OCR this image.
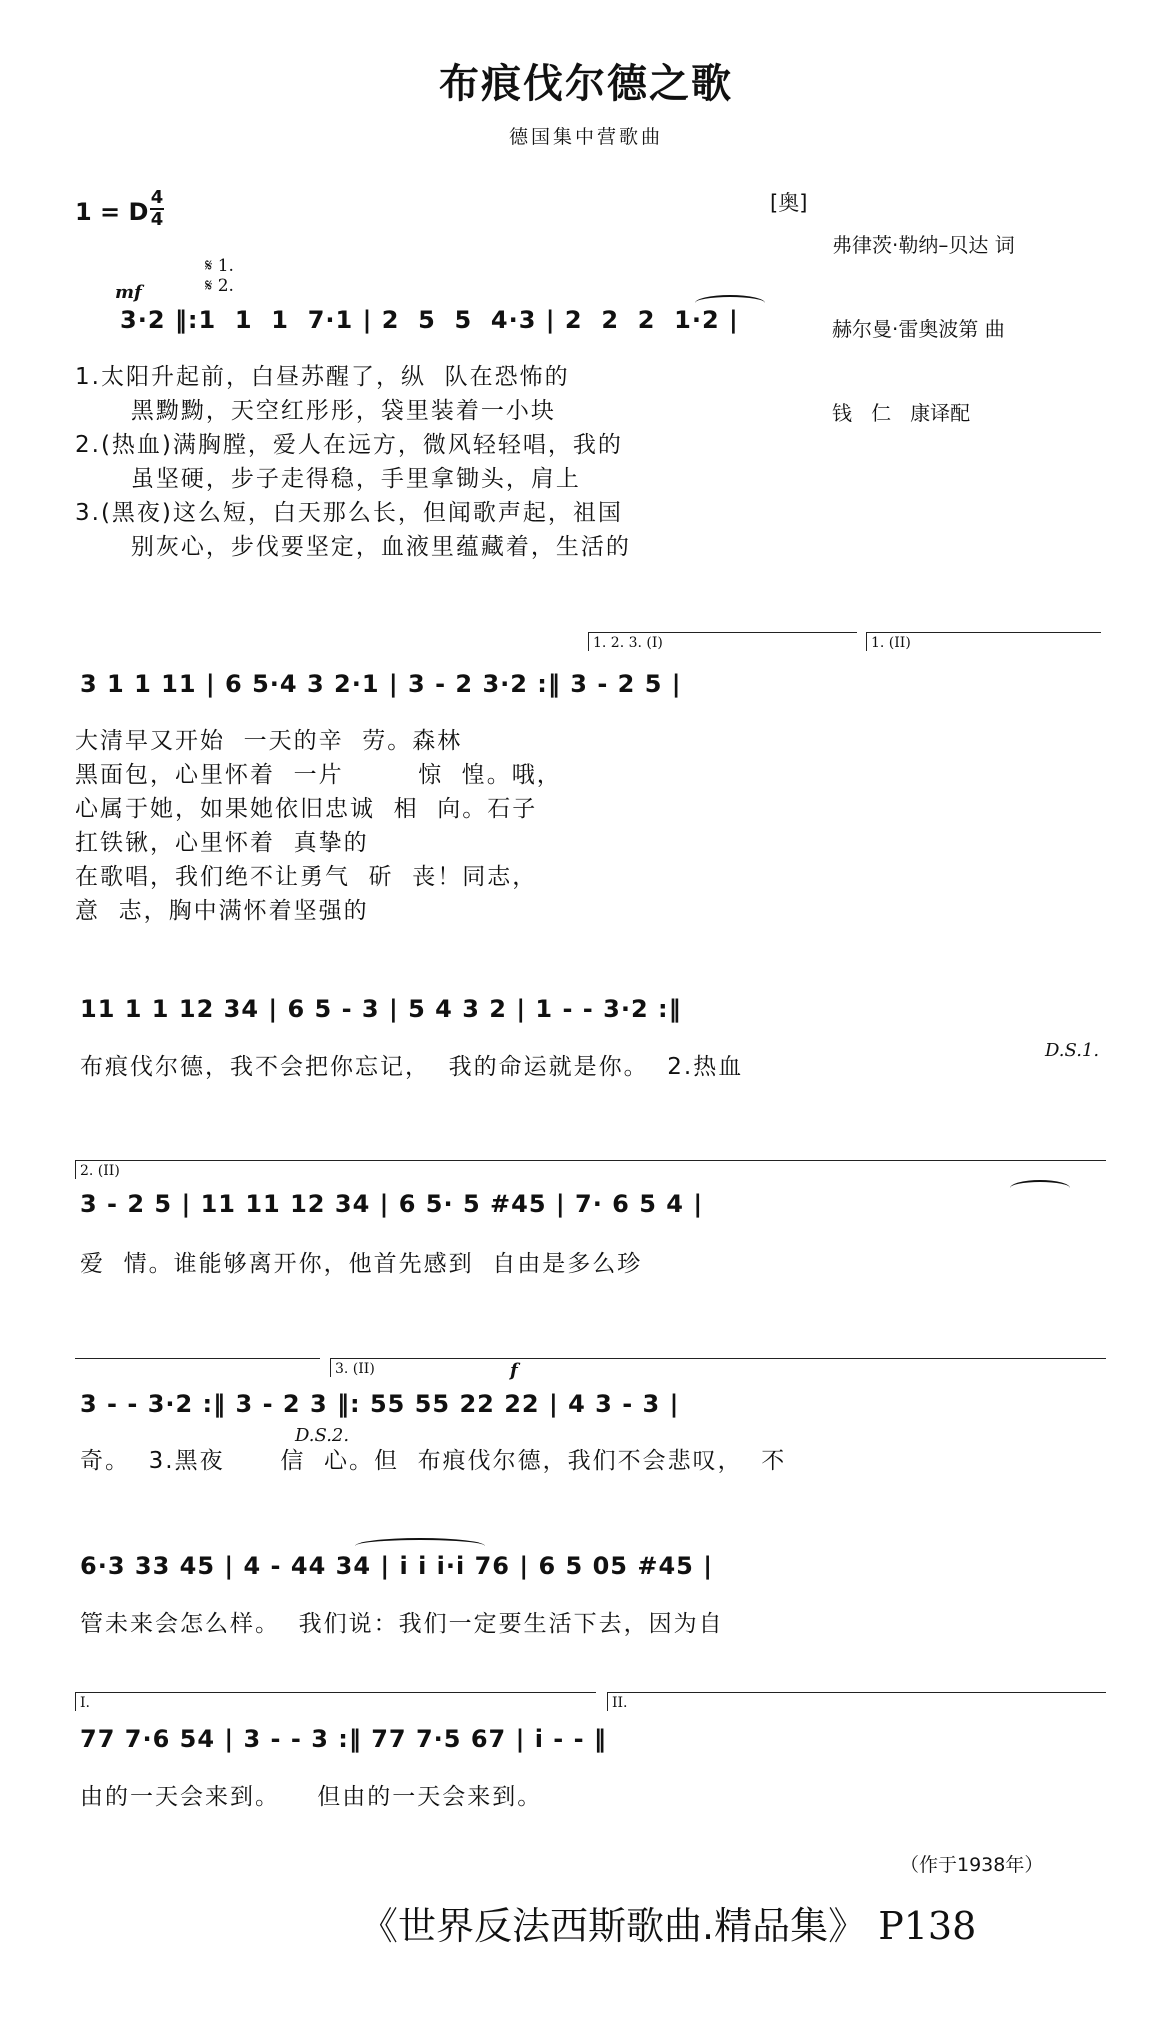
布痕伐尔德之歌
德国集中营歌曲
1 = D
4
4
[奥]

弗律茨·勒纳–贝达 词

赫尔曼·雷奥波第 曲

钱   仁   康译配

𝄋 1.
𝄋 2.
mf
3·2 ‖:1  1  1  7·1 | 2  5  5  4·3 | 2  2  2  1·2 |
1.太阳升起前，白昼苏醒了，纵  队在恐怖的
黑黝黝，天空红彤彤，袋里装着一小块
2.(热血)满胸膛，爱人在远方，微风轻轻唱，我的
虽坚硬，步子走得稳，手里拿锄头，肩上
3.(黑夜)这么短，白天那么长，但闻歌声起，祖国
别灰心，步伐要坚定，血液里蕴藏着，生活的
1. 2. 3. (I)	1. (II)
3 1 1 11 | 6 5·4 3 2·1 | 3 - 2 3·2 :‖ 3 - 2 5 |
大清早又开始  一天的辛  劳。森林
黑面包，心里怀着  一片        惊  惶。哦，
心属于她，如果她依旧忠诚  相  向。石子
扛铁锹，心里怀着  真挚的
在歌唱，我们绝不让勇气  斫  丧！同志，
意  志，胸中满怀着坚强的
11 1 1 12 34 | 6 5 - 3 | 5 4 3 2 | 1 - - 3·2 :‖
布痕伐尔德，我不会把你忘记，  我的命运就是你。  2.热血
D.S.1.
2. (II)
3 - 2 5 | 11 11 12 34 | 6 5· 5 #45 | 7· 6 5 4 |
爱  情。谁能够离开你，他首先感到  自由是多么珍
3. (II)	f
3 - - 3·2 :‖ 3 - 2 3 ‖: 55 55 22 22 | 4 3 - 3 |
奇。  3.黑夜      信  心。但  布痕伐尔德，我们不会悲叹，  不
D.S.2.
6·3 33 45 | 4 - 44 34 | i i i·i 76 | 6 5 05 #45 |
管未来会怎么样。  我们说：我们一定要生活下去，因为自
I.	II.
77 7·6 54 | 3 - - 3 :‖ 77 7·5 67 | i - - ‖
由的一天会来到。    但由的一天会来到。
（作于1938年）
《世界反法西斯歌曲.精品集》 P138
